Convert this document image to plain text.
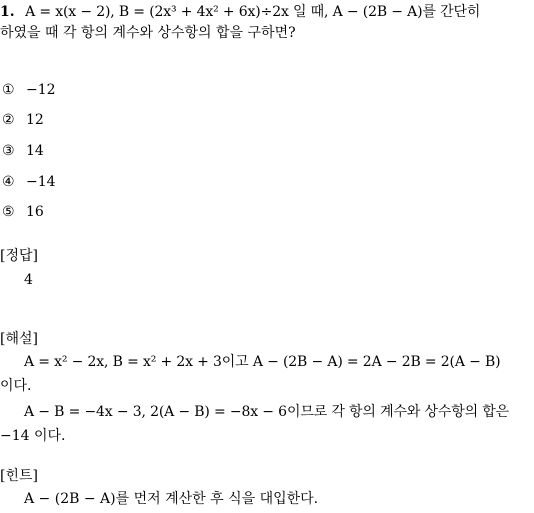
1. A = x(x − 2), B = (2x³ + 4x² + 6x)÷2x 일 때, A − (2B − A)를 간단히
하였을 때 각 항의 계수와 상수항의 합을 구하면?
① −12
② 12
③ 14
④ −14
⑤ 16
[정답]
4
[해설]
A = x² − 2x, B = x² + 2x + 3이고 A − (2B − A) = 2A − 2B = 2(A − B)
이다.
A − B = −4x − 3, 2(A − B) = −8x − 6이므로 각 항의 계수와 상수항의 합은
−14 이다.
[힌트]
A − (2B − A)를 먼저 계산한 후 식을 대입한다.
